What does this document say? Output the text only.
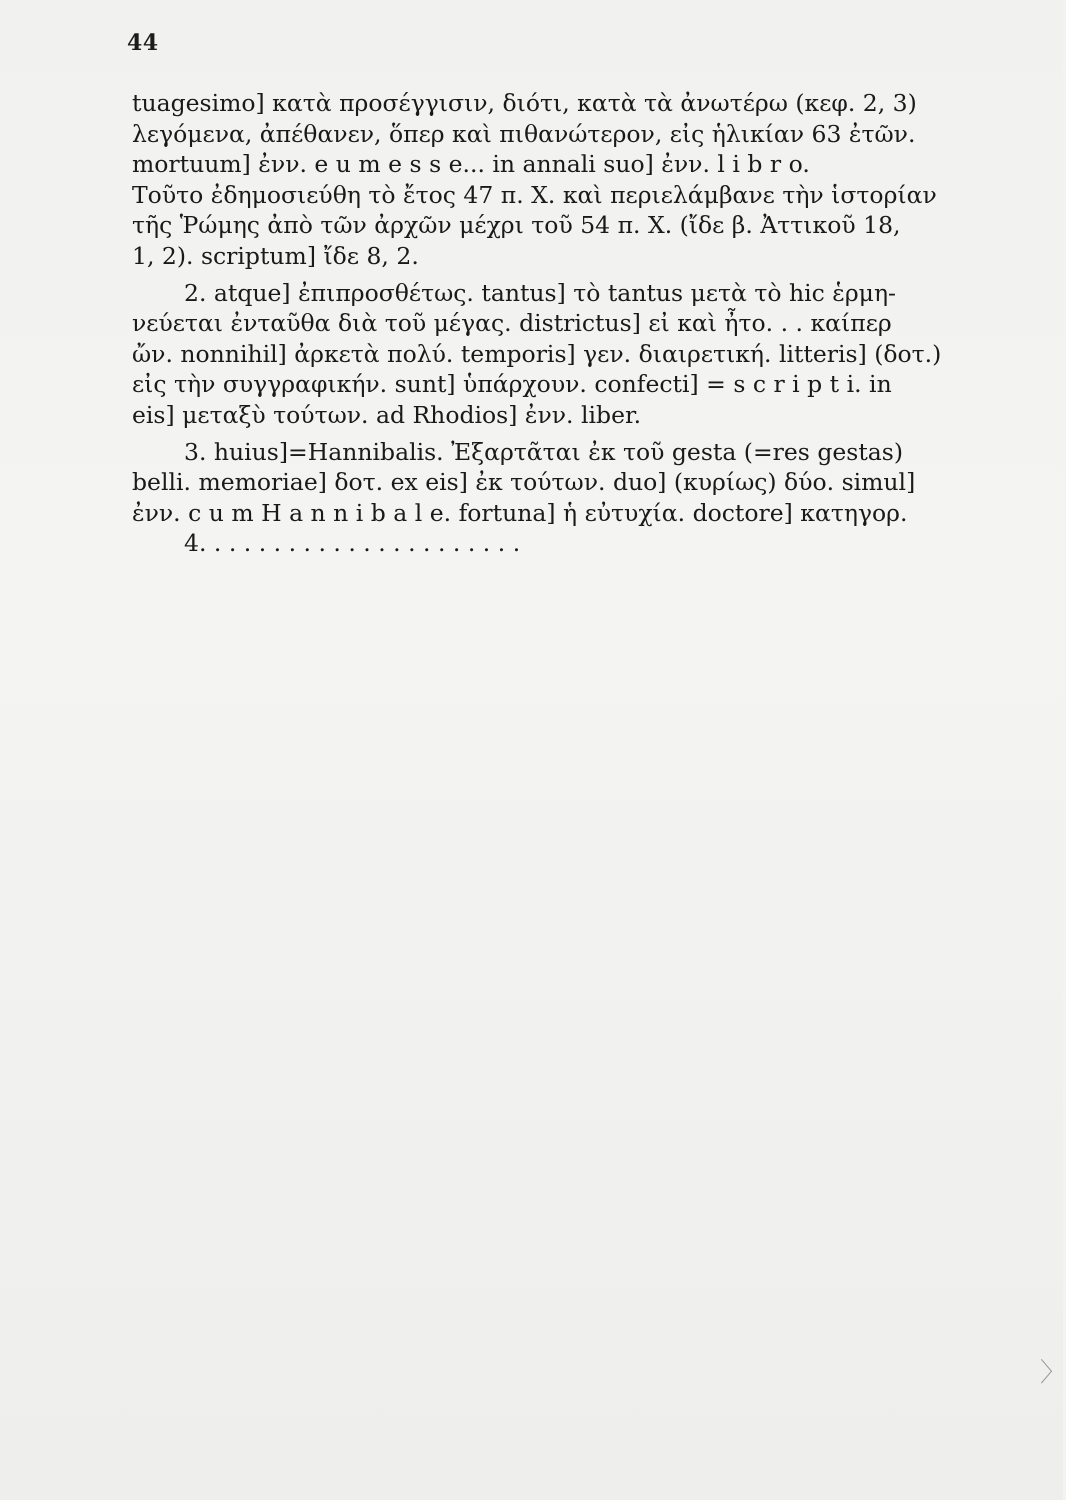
44
tuagesimo] κατὰ προσέγγισιν, διότι, κατὰ τὰ ἀνωτέρω (κεφ. 2, 3)
λεγόμενα, ἀπέθανεν, ὅπερ καὶ πιθανώτερον, εἰς ἡλικίαν 63 ἐτῶν.
mortuum] ἐνν. e u m e s s e... in annali suo] ἐνν. l i b r o.
Τοῦτο ἐδημοσιεύθη τὸ ἔτος 47 π. Χ. καὶ περιελάμβανε τὴν ἱστορίαν
τῆς Ῥώμης ἀπὸ τῶν ἀρχῶν μέχρι τοῦ 54 π. Χ. (ἴδε β. Ἀττικοῦ 18,
1, 2). scriptum] ἴδε 8, 2.
2. atque] ἐπιπροσθέτως. tantus] τὸ tantus μετὰ τὸ hic ἑρμη-
νεύεται ἐνταῦθα διὰ τοῦ μέγας. districtus] εἰ καὶ ἦτο. . . καίπερ
ὤν. nonnihil] ἀρκετὰ πολύ. temporis] γεν. διαιρετική. litteris] (δοτ.)
εἰς τὴν συγγραφικήν. sunt] ὑπάρχουν. confecti] = s c r i p t i. in
eis] μεταξὺ τούτων. ad Rhodios] ἐνν. liber.
3. huius]=Hannibalis. Ἐξαρτᾶται ἐκ τοῦ gesta (=res gestas)
belli. memoriae] δοτ. ex eis] ἐκ τούτων. duo] (κυρίως) δύο. simul]
ἐνν. c u m H a n n i b a l e. fortuna] ἡ εὐτυχία. doctore] κατηγορ.
4. . . . . . . . . . . . . . . . . . . . . .
〉
